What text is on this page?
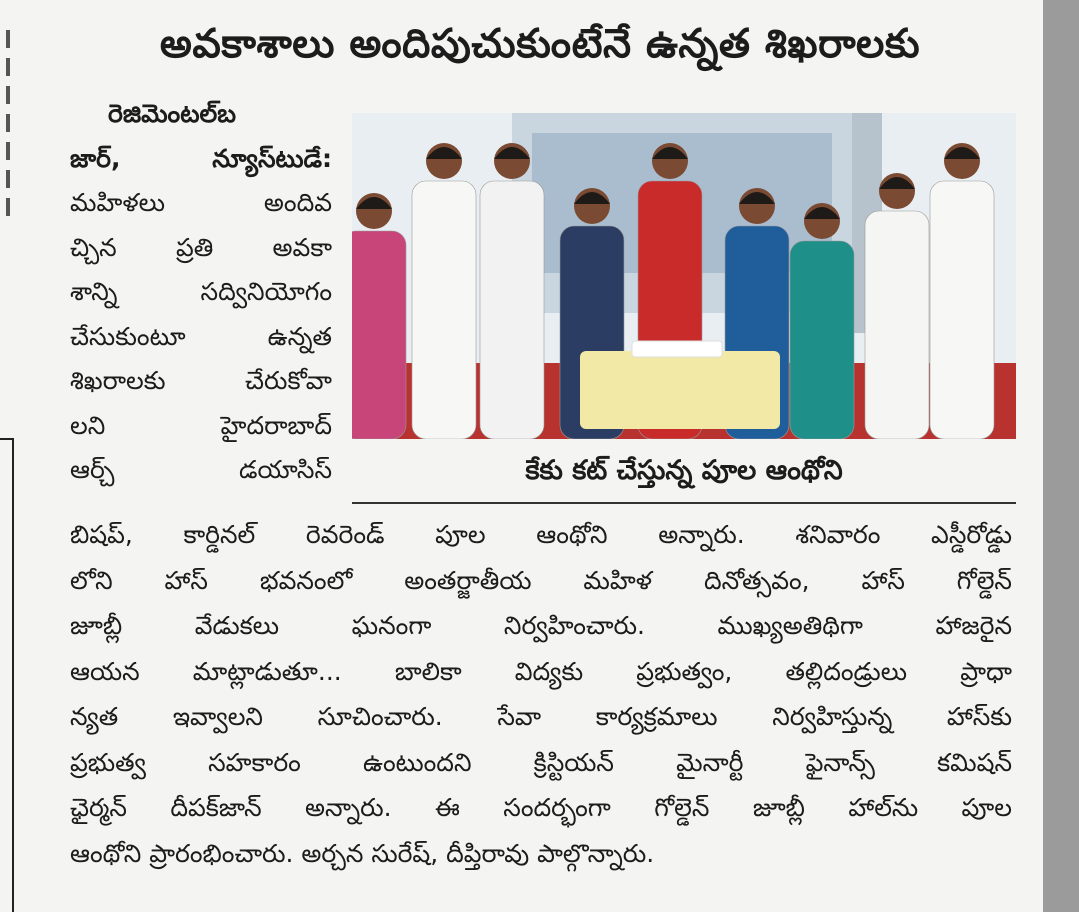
అవకాశాలు అందిపుచుకుంటేనే ఉన్నత శిఖరాలకు
రెజిమెంటల్‌బ
జార్‌, న్యూస్‌టుడే:
మహిళలు అందివ
చ్చిన ప్రతి అవకా
శాన్ని సద్వినియోగం
చేసుకుంటూ ఉన్నత
శిఖరాలకు చేరుకోవా
లని హైదరాబాద్‌
ఆర్చ్‌ డయాసిస్‌	కేకు కట్‌ చేస్తున్న పూల ఆంథోని
బిషప్‌, కార్డినల్‌ రెవరెండ్‌ పూల ఆంథోని అన్నారు. శనివారం ఎస్డీరోడ్డు
లోని హాస్‌ భవనంలో అంతర్జాతీయ మహిళ దినోత్సవం, హాస్‌ గోల్డెన్‌
జూబ్లీ వేడుకలు ఘనంగా నిర్వహించారు. ముఖ్యఅతిథిగా హాజరైన
ఆయన మాట్లాడుతూ... బాలికా విద్యకు ప్రభుత్వం, తల్లిదండ్రులు ప్రాధా
న్యత ఇవ్వాలని సూచించారు. సేవా కార్యక్రమాలు నిర్వహిస్తున్న హాస్‌కు
ప్రభుత్వ సహకారం ఉంటుందని క్రిస్టియన్‌ మైనార్టీ ఫైనాన్స్‌ కమిషన్‌
ఛైర్మన్‌ దీపక్‌జాన్‌ అన్నారు. ఈ సందర్భంగా గోల్డెన్‌ జూబ్లీ హాల్‌ను పూల
ఆంథోని ప్రారంభించారు. అర్చన సురేష్‌, దీప్తిరావు పాల్గొన్నారు.
